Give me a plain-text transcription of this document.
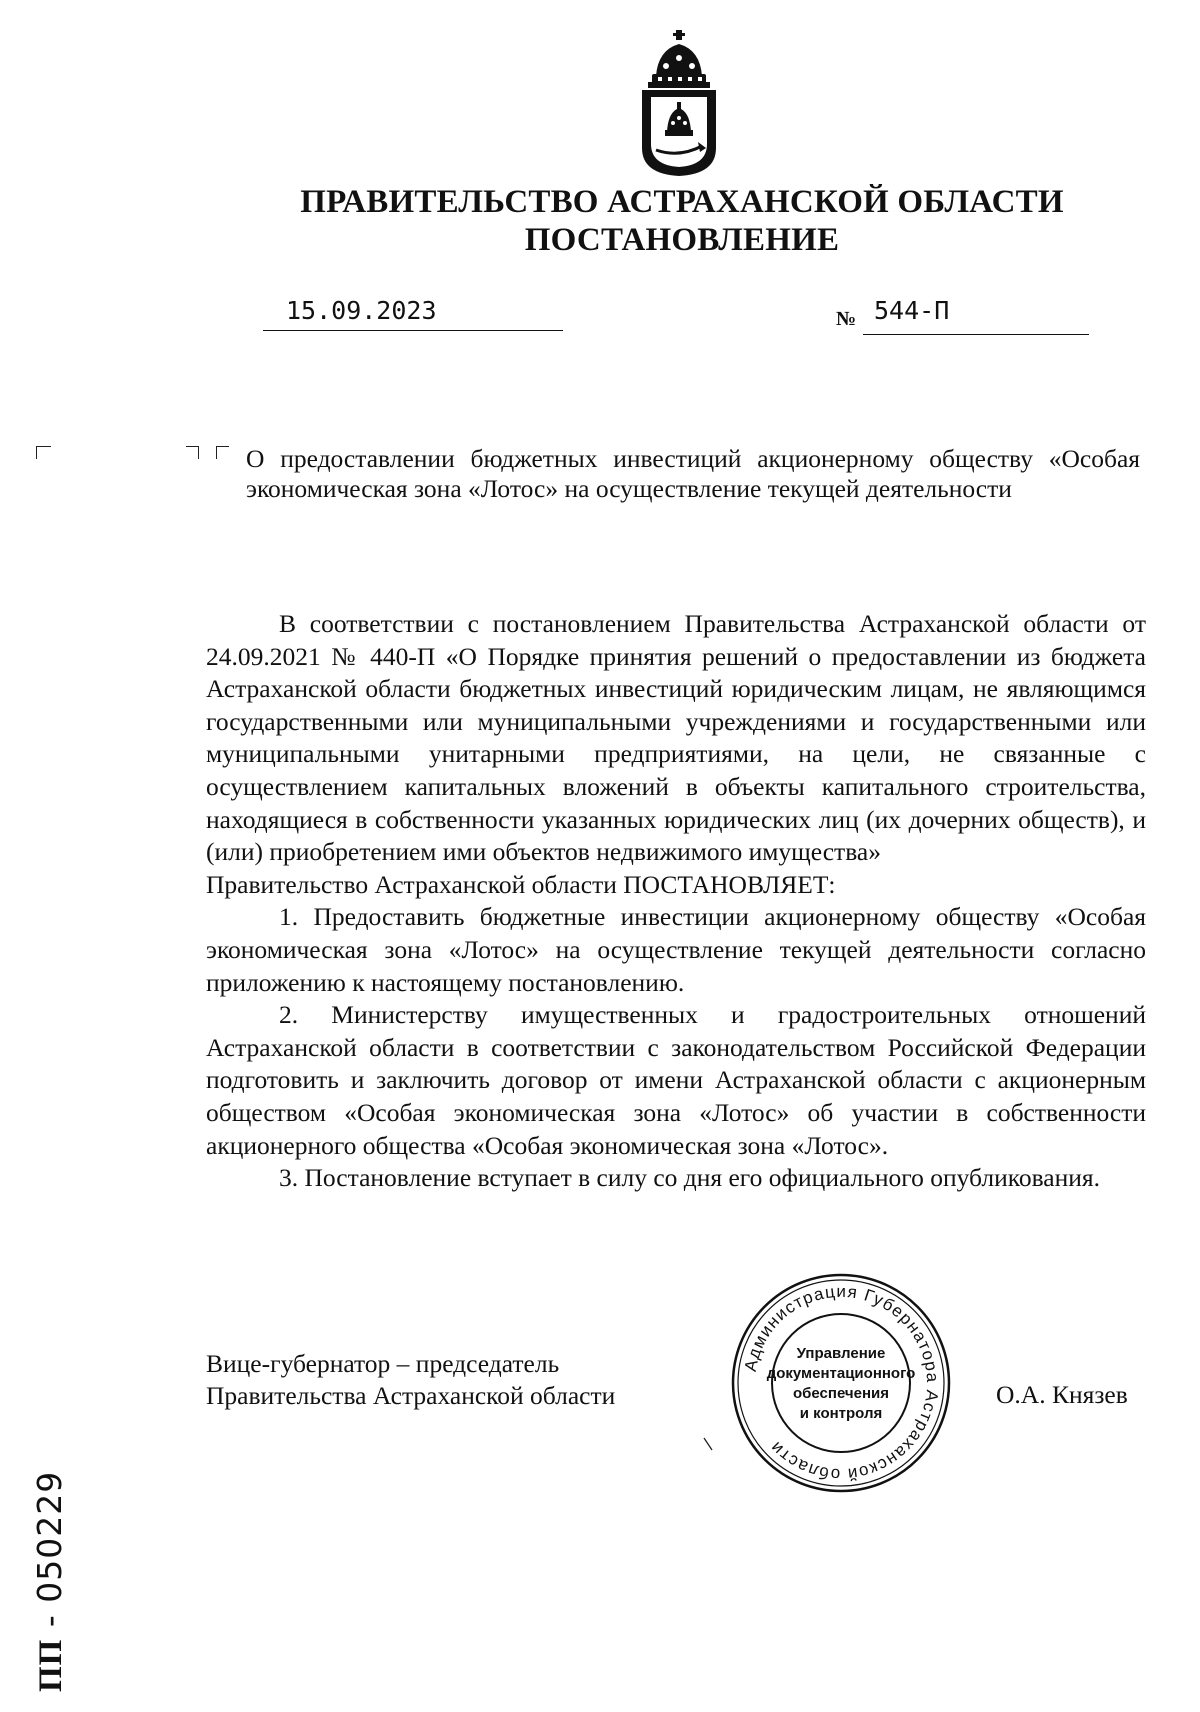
ПРАВИТЕЛЬСТВО АСТРАХАНСКОЙ ОБЛАСТИ
ПОСТАНОВЛЕНИЕ
15.09.2023	№ 544-П
О предоставлении бюджетных инвестиций акционерному обществу «Особая экономическая зона «Лотос» на осуществление текущей деятельности

В соответствии с постановлением Правительства Астраханской области от 24.09.2021 № 440-П «О Порядке принятия решений о предоставлении из бюджета Астраханской области бюджетных инвестиций юридическим лицам, не являющимся государственными или муниципальными учреждениями и государственными или муниципальными унитарными предприятиями, на цели, не связанные с осуществлением капитальных вложений в объекты капитального строительства, находящиеся в собственности указанных юридических лиц (их дочерних обществ), и (или) приобретением ими объектов недвижимого имущества»

Правительство Астраханской области ПОСТАНОВЛЯЕТ:

1. Предоставить бюджетные инвестиции акционерному обществу «Особая экономическая зона «Лотос» на осуществление текущей деятельности согласно приложению к настоящему постановлению.

2. Министерству имущественных и градостроительных отношений Астраханской области в соответствии с законодательством Российской Федерации подготовить и заключить договор от имени Астраханской области с акционерным обществом «Особая экономическая зона «Лотос» об участии в собственности акционерного общества «Особая экономическая зона «Лотос».

3. Постановление вступает в силу со дня его официального опубликования.

Вице-губернатор – председатель
Правительства Астраханской области
Администрация Губернатора Астраханской области
Управление
документационного
обеспечения
и контроля
О.А. Князев
ПП - 050229
